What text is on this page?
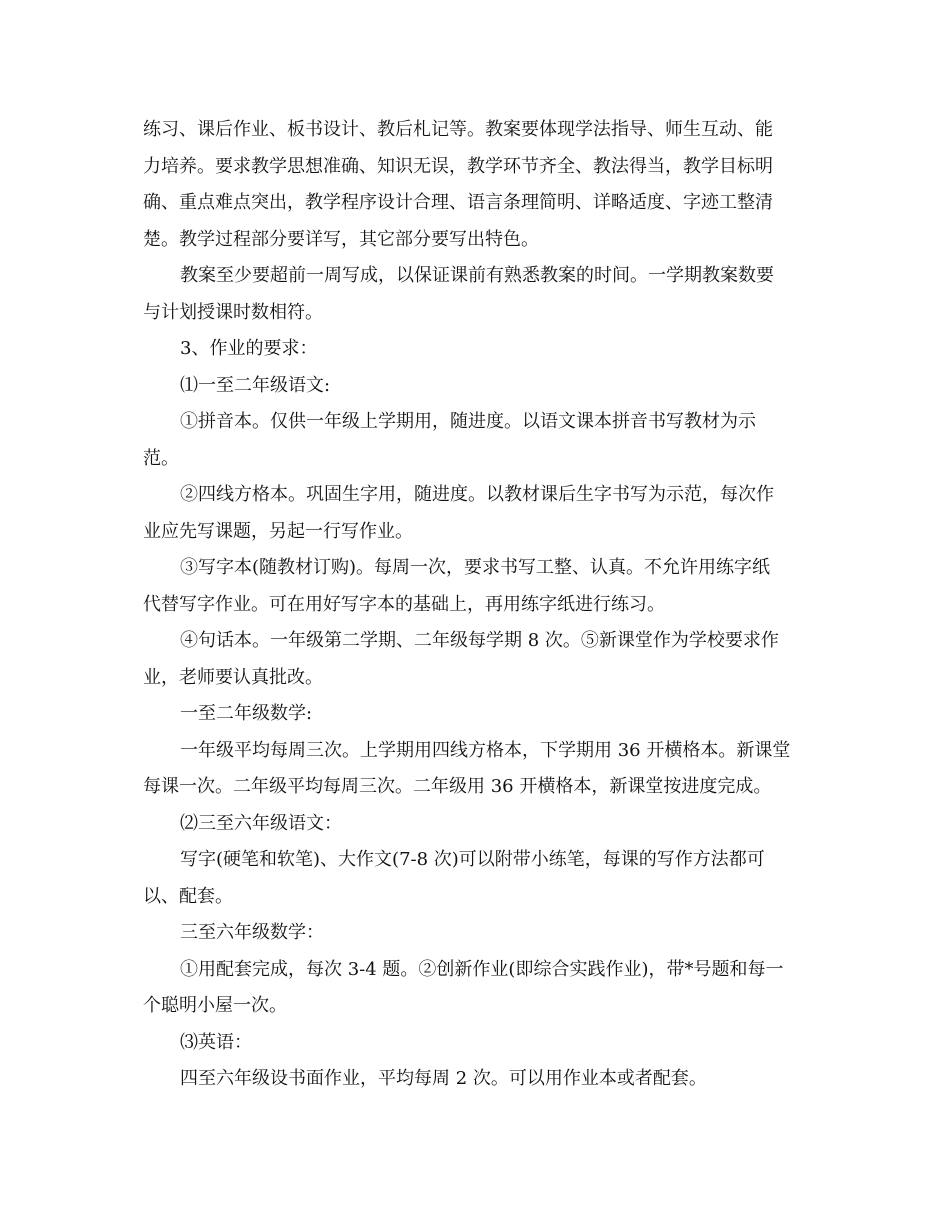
练习、课后作业、板书设计、教后札记等。教案要体现学法指导、师生互动、能
力培养。要求教学思想准确、知识无误，教学环节齐全、教法得当，教学目标明
确、重点难点突出，教学程序设计合理、语言条理简明、详略适度、字迹工整清
楚。教学过程部分要详写，其它部分要写出特色。
教案至少要超前一周写成，以保证课前有熟悉教案的时间。一学期教案数要
与计划授课时数相符。
3、作业的要求：
⑴一至二年级语文:
①拼音本。仅供一年级上学期用，随进度。以语文课本拼音书写教材为示
范。
②四线方格本。巩固生字用，随进度。以教材课后生字书写为示范，每次作
业应先写课题，另起一行写作业。
③写字本(随教材订购)。每周一次，要求书写工整、认真。不允许用练字纸
代替写字作业。可在用好写字本的基础上，再用练字纸进行练习。
④句话本。一年级第二学期、二年级每学期 8 次。⑤新课堂作为学校要求作
业，老师要认真批改。
一至二年级数学:
一年级平均每周三次。上学期用四线方格本，下学期用 36 开横格本。新课堂
每课一次。二年级平均每周三次。二年级用 36 开横格本，新课堂按进度完成。
⑵三至六年级语文：
写字(硬笔和软笔)、大作文(7-8 次)可以附带小练笔，每课的写作方法都可
以、配套。
三至六年级数学：
①用配套完成，每次 3-4 题。②创新作业(即综合实践作业)，带*号题和每一
个聪明小屋一次。
⑶英语：
四至六年级设书面作业，平均每周 2 次。可以用作业本或者配套。
